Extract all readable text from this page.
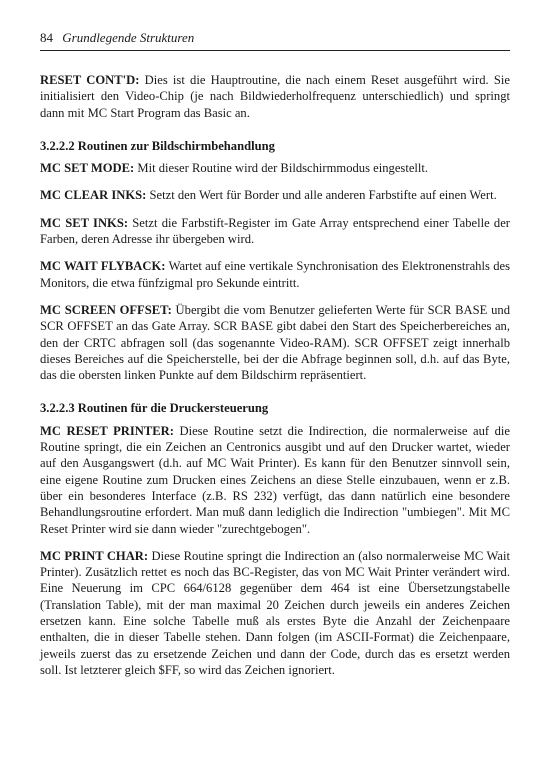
84 Grundlegende Strukturen

RESET CONT'D: Dies ist die Hauptroutine, die nach einem Reset ausgeführt wird. Sie initialisiert den Video-Chip (je nach Bildwiederholfrequenz unterschiedlich) und springt dann mit MC Start Program das Basic an.

3.2.2.2 Routinen zur Bildschirmbehandlung

MC SET MODE: Mit dieser Routine wird der Bildschirmmodus eingestellt.

MC CLEAR INKS: Setzt den Wert für Border und alle anderen Farbstifte auf einen Wert.

MC SET INKS: Setzt die Farbstift-Register im Gate Array entsprechend einer Tabelle der Farben, deren Adresse ihr übergeben wird.

MC WAIT FLYBACK: Wartet auf eine vertikale Synchronisation des Elektronenstrahls des Monitors, die etwa fünfzigmal pro Sekunde eintritt.

MC SCREEN OFFSET: Übergibt die vom Benutzer gelieferten Werte für SCR BASE und SCR OFFSET an das Gate Array. SCR BASE gibt dabei den Start des Speicherbereiches an, den der CRTC abfragen soll (das sogenannte Video-RAM). SCR OFFSET zeigt innerhalb dieses Bereiches auf die Speicherstelle, bei der die Abfrage beginnen soll, d.h. auf das Byte, das die obersten linken Punkte auf dem Bildschirm repräsentiert.

3.2.2.3 Routinen für die Druckersteuerung

MC RESET PRINTER: Diese Routine setzt die Indirection, die normalerweise auf die Routine springt, die ein Zeichen an Centronics ausgibt und auf den Drucker wartet, wieder auf den Ausgangswert (d.h. auf MC Wait Printer). Es kann für den Benutzer sinnvoll sein, eine eigene Routine zum Drucken eines Zeichens an diese Stelle einzubauen, wenn er z.B. über ein besonderes Interface (z.B. RS 232) verfügt, das dann natürlich eine besondere Behandlungsroutine erfordert. Man muß dann lediglich die Indirection "umbiegen". Mit MC Reset Printer wird sie dann wieder "zurechtgebogen".

MC PRINT CHAR: Diese Routine springt die Indirection an (also normalerweise MC Wait Printer). Zusätzlich rettet es noch das BC-Register, das von MC Wait Printer verändert wird. Eine Neuerung im CPC 664/6128 gegenüber dem 464 ist eine Übersetzungstabelle (Translation Table), mit der man maximal 20 Zeichen durch jeweils ein anderes Zeichen ersetzen kann. Eine solche Tabelle muß als erstes Byte die Anzahl der Zeichenpaare enthalten, die in dieser Tabelle stehen. Dann folgen (im ASCII-Format) die Zeichenpaare, jeweils zuerst das zu ersetzende Zeichen und dann der Code, durch das es ersetzt werden soll. Ist letzterer gleich $FF, so wird das Zeichen ignoriert.
